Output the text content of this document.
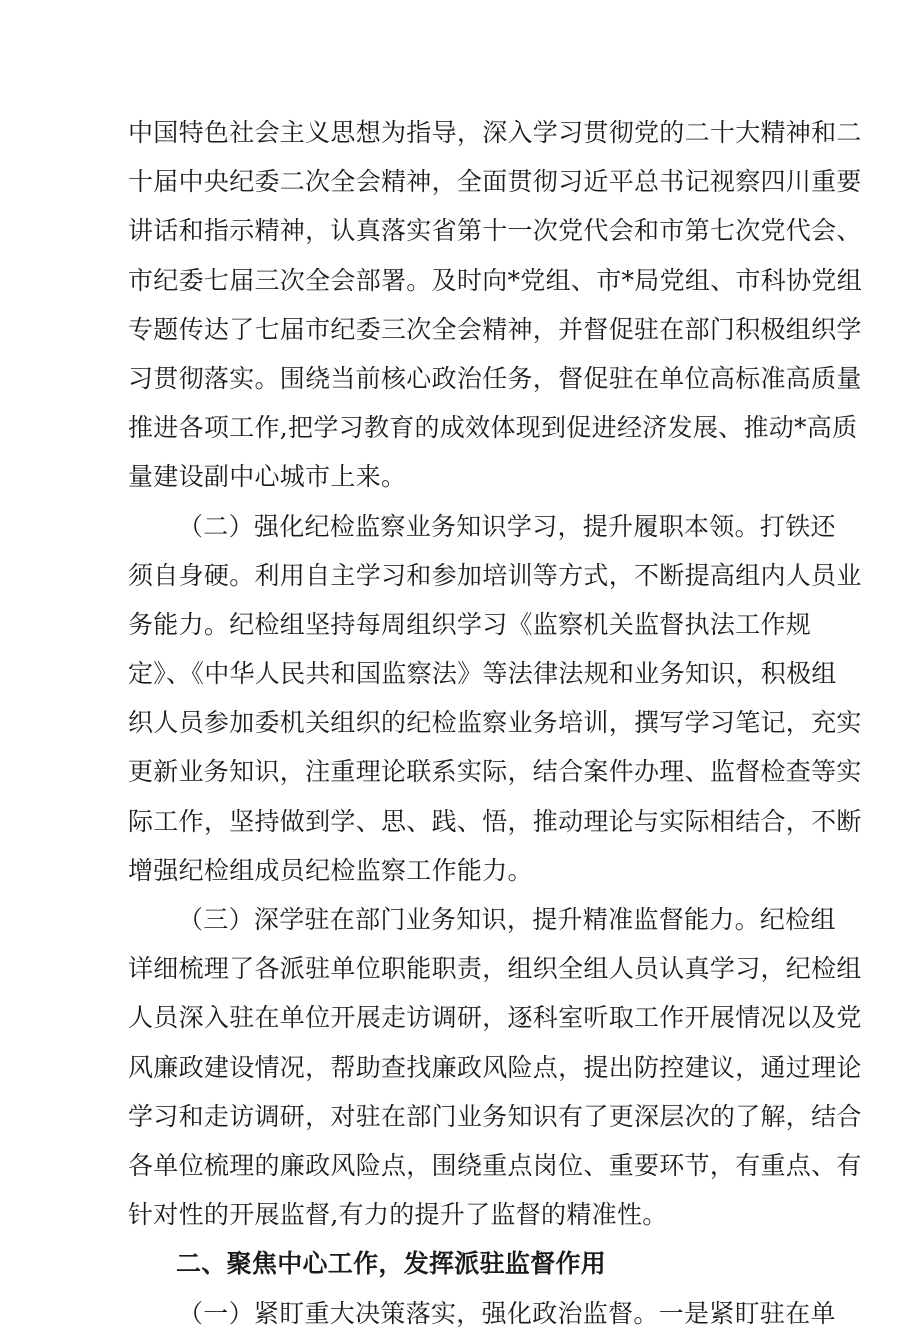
中国特色社会主义思想为指导，深入学习贯彻党的二十大精神和二
十届中央纪委二次全会精神，全面贯彻习近平总书记视察四川重要
讲话和指示精神，认真落实省第十一次党代会和市第七次党代会、
市纪委七届三次全会部署。及时向*党组、市*局党组、市科协党组
专题传达了七届市纪委三次全会精神，并督促驻在部门积极组织学
习贯彻落实。围绕当前核心政治任务，督促驻在单位高标准高质量
推进各项工作,把学习教育的成效体现到促进经济发展、推动*高质
量建设副中心城市上来。
（二）强化纪检监察业务知识学习，提升履职本领。打铁还
须自身硬。利用自主学习和参加培训等方式，不断提高组内人员业
务能力。纪检组坚持每周组织学习《监察机关监督执法工作规
定》、《中华人民共和国监察法》等法律法规和业务知识，积极组
织人员参加委机关组织的纪检监察业务培训，撰写学习笔记，充实
更新业务知识，注重理论联系实际，结合案件办理、监督检查等实
际工作，坚持做到学、思、践、悟，推动理论与实际相结合，不断
增强纪检组成员纪检监察工作能力。
（三）深学驻在部门业务知识，提升精准监督能力。纪检组
详细梳理了各派驻单位职能职责，组织全组人员认真学习，纪检组
人员深入驻在单位开展走访调研，逐科室听取工作开展情况以及党
风廉政建设情况，帮助查找廉政风险点，提出防控建议，通过理论
学习和走访调研，对驻在部门业务知识有了更深层次的了解，结合
各单位梳理的廉政风险点，围绕重点岗位、重要环节，有重点、有
针对性的开展监督,有力的提升了监督的精准性。
二、聚焦中心工作，发挥派驻监督作用
（一）紧盯重大决策落实，强化政治监督。一是紧盯驻在单
